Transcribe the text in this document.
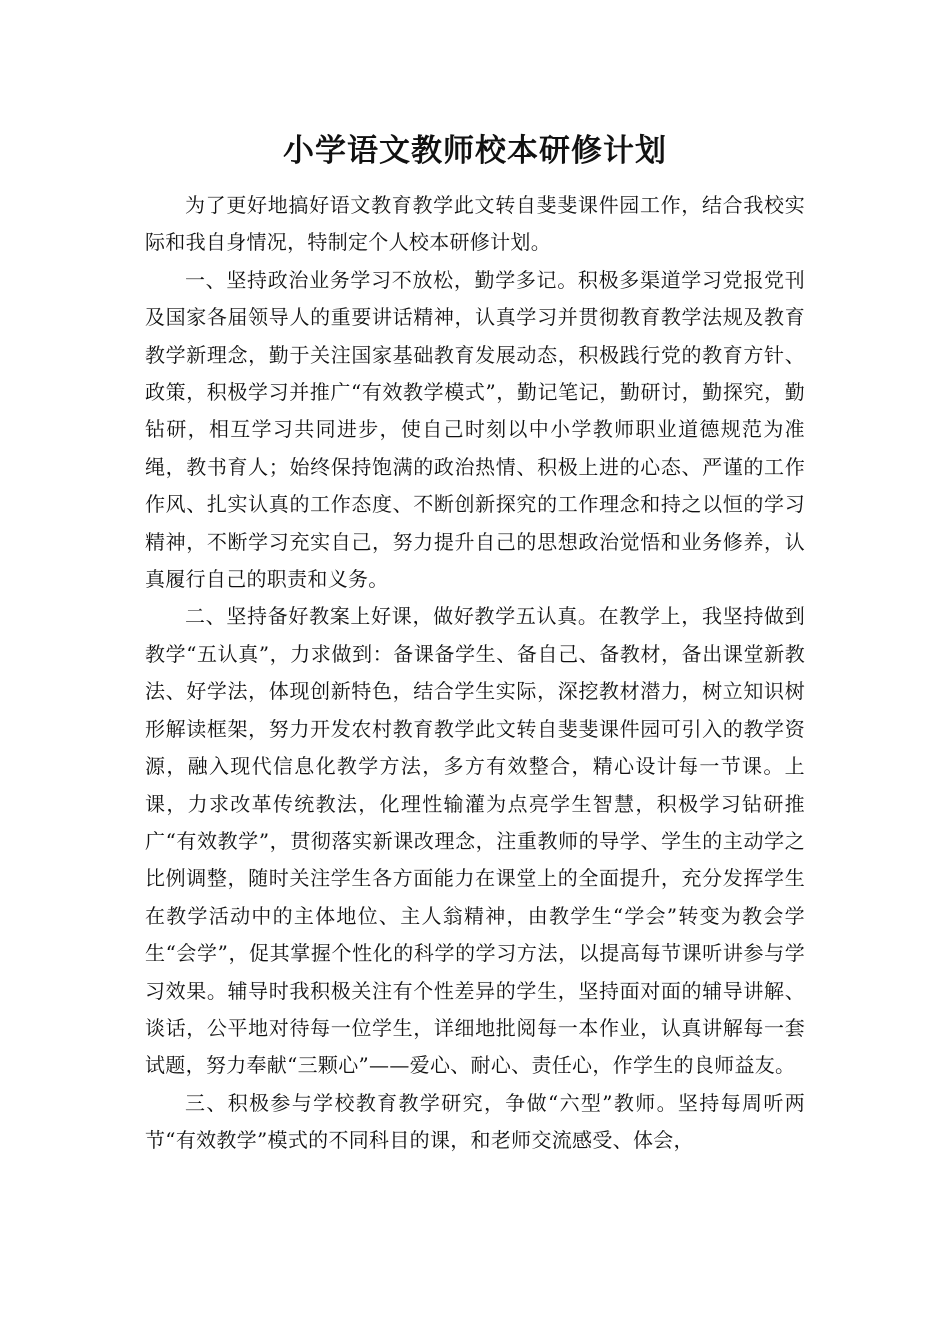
小学语文教师校本研修计划

为了更好地搞好语文教育教学此文转自斐斐课件园工作，结合我校实际和我自身情况，特制定个人校本研修计划。

一、坚持政治业务学习不放松，勤学多记。积极多渠道学习党报党刊及国家各届领导人的重要讲话精神，认真学习并贯彻教育教学法规及教育教学新理念，勤于关注国家基础教育发展动态，积极践行党的教育方针、政策，积极学习并推广“有效教学模式”，勤记笔记，勤研讨，勤探究，勤钻研，相互学习共同进步，使自己时刻以中小学教师职业道德规范为准绳，教书育人；始终保持饱满的政治热情、积极上进的心态、严谨的工作作风、扎实认真的工作态度、不断创新探究的工作理念和持之以恒的学习精神，不断学习充实自己，努力提升自己的思想政治觉悟和业务修养，认真履行自己的职责和义务。

二、坚持备好教案上好课，做好教学五认真。在教学上，我坚持做到教学“五认真”，力求做到：备课备学生、备自己、备教材，备出课堂新教法、好学法，体现创新特色，结合学生实际，深挖教材潜力，树立知识树形解读框架，努力开发农村教育教学此文转自斐斐课件园可引入的教学资源，融入现代信息化教学方法，多方有效整合，精心设计每一节课。上课，力求改革传统教法，化理性输灌为点亮学生智慧，积极学习钻研推广“有效教学”，贯彻落实新课改理念，注重教师的导学、学生的主动学之比例调整，随时关注学生各方面能力在课堂上的全面提升，充分发挥学生在教学活动中的主体地位、主人翁精神，由教学生“学会”转变为教会学生“会学”，促其掌握个性化的科学的学习方法，以提高每节课听讲参与学习效果。辅导时我积极关注有个性差异的学生，坚持面对面的辅导讲解、谈话，公平地对待每一位学生，详细地批阅每一本作业，认真讲解每一套试题，努力奉献“三颗心”——爱心、耐心、责任心，作学生的良师益友。

三、积极参与学校教育教学研究，争做“六型”教师。坚持每周听两节“有效教学”模式的不同科目的课，和老师交流感受、体会，
